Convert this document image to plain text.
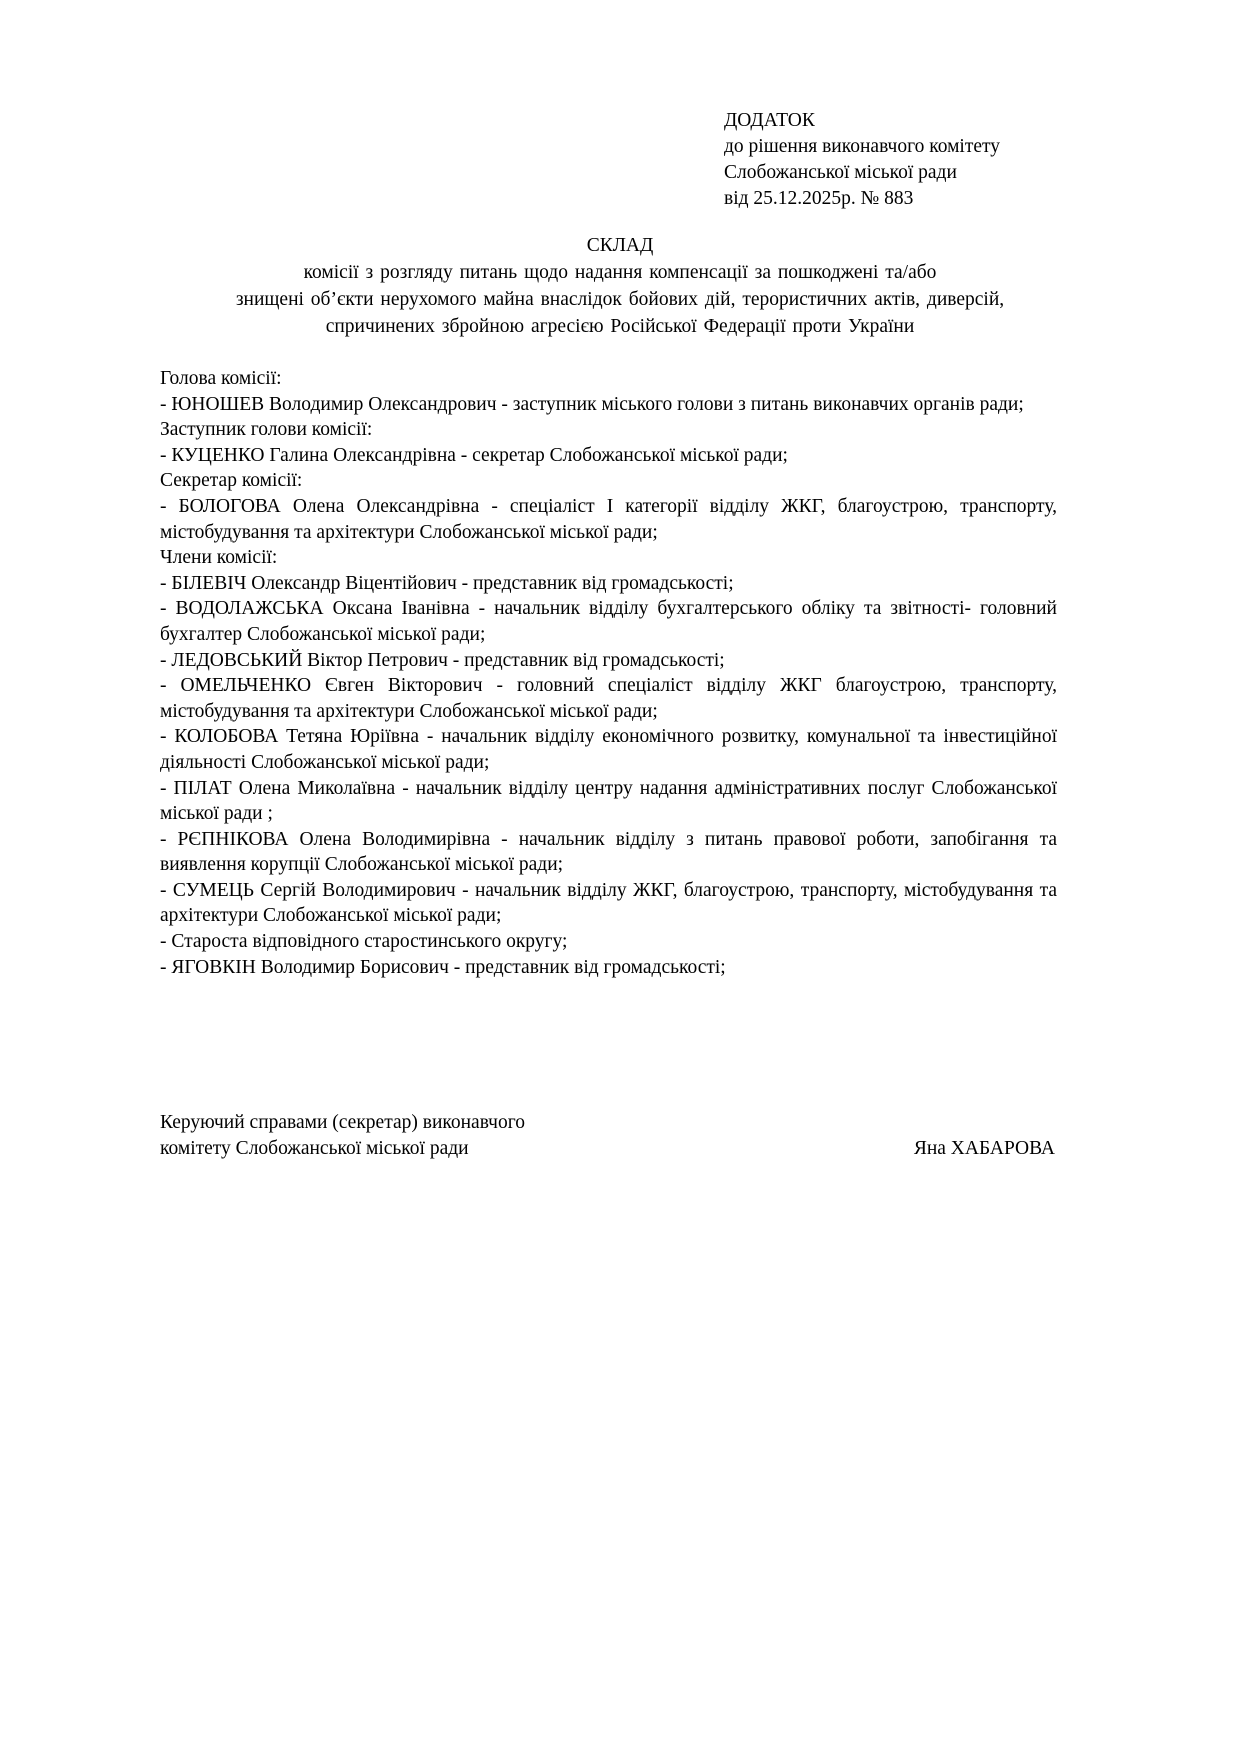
ДОДАТОК
до рішення виконавчого комітету
Слобожанської міської ради
від 25.12.2025р. № 883
СКЛАД
комісії з розгляду питань щодо надання компенсації за пошкоджені та/або
знищені об’єкти нерухомого майна внаслідок бойових дій, терористичних актів, диверсій,
спричинених збройною агресією Російської Федерації проти України
Голова комісії:
- ЮНОШЕВ Володимир Олександрович - заступник міського голови з питань виконавчих органів ради;
Заступник голови комісії:
- КУЦЕНКО Галина Олександрівна - секретар Слобожанської міської ради;
Секретар комісії:
- БОЛОГОВА Олена Олександрівна - спеціаліст І категорії відділу ЖКГ, благоустрою, транспорту, містобудування та архітектури Слобожанської міської ради;
Члени комісії:
- БІЛЕВІЧ Олександр Віцентійович - представник від громадськості;
- ВОДОЛАЖСЬКА Оксана Іванівна - начальник відділу бухгалтерського обліку та звітності- головний бухгалтер Слобожанської міської ради;
- ЛЕДОВСЬКИЙ Віктор Петрович - представник від громадськості;
- ОМЕЛЬЧЕНКО Євген Вікторович - головний спеціаліст відділу ЖКГ благоустрою, транспорту, містобудування та архітектури Слобожанської міської ради;
- КОЛОБОВА Тетяна Юріївна - начальник відділу економічного розвитку, комунальної та інвестиційної діяльності Слобожанської міської ради;
- ПІЛАТ Олена Миколаївна - начальник відділу центру надання адміністративних послуг Слобожанської міської ради ;
- РЄПНІКОВА Олена Володимирівна - начальник відділу з питань правової роботи, запобігання та виявлення корупції Слобожанської міської ради;
- СУМЕЦЬ Сергій Володимирович - начальник відділу ЖКГ, благоустрою, транспорту, містобудування та архітектури Слобожанської міської ради;
- Староста відповідного старостинського округу;
- ЯГОВКІН Володимир Борисович - представник від громадськості;
Керуючий справами (секретар) виконавчого
комітету Слобожанської міської ради	Яна ХАБАРОВА
